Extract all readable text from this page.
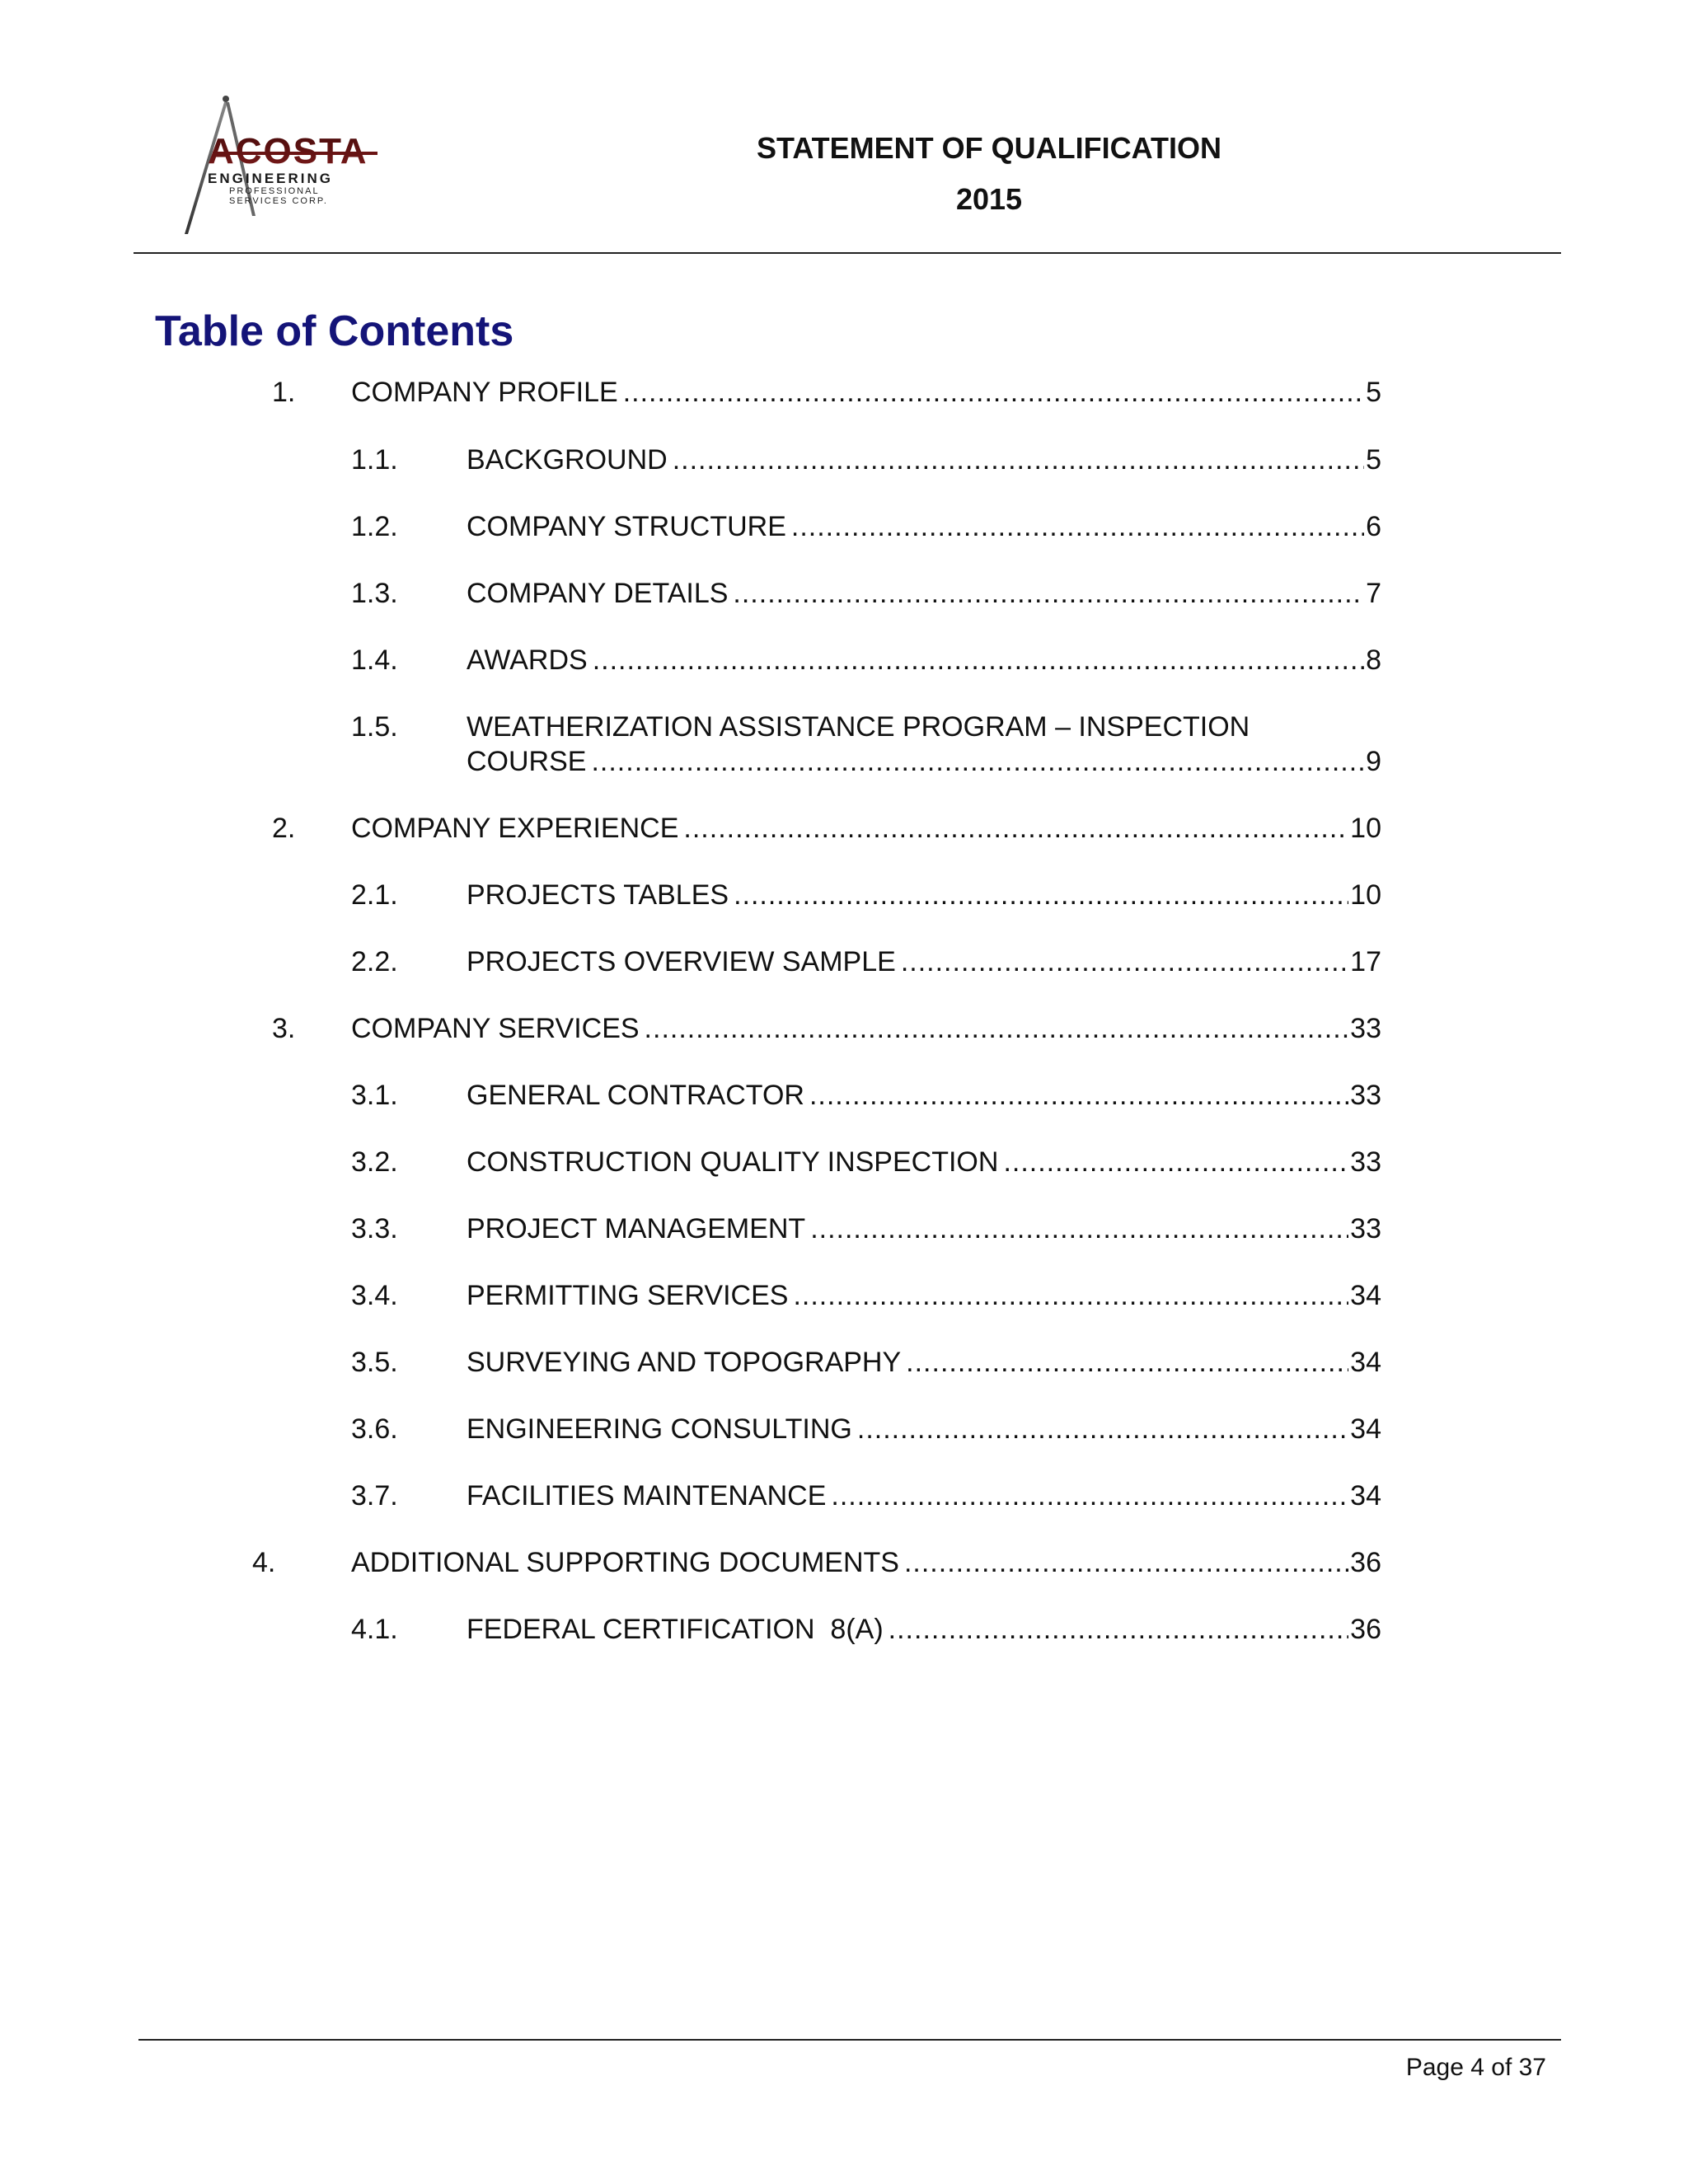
ACOSTA
ENGINEERING
PROFESSIONAL
SERVICES CORP.
STATEMENT OF QUALIFICATION
2015
Table of Contents
1. COMPANY PROFILE .....	5
1.1. BACKGROUND .....	5
1.2. COMPANY STRUCTURE .....	6
1.3. COMPANY DETAILS .....	7
1.4. AWARDS .....	8
1.5. WEATHERIZATION ASSISTANCE PROGRAM – INSPECTION
COURSE .....	9
2. COMPANY EXPERIENCE .....	10
2.1. PROJECTS TABLES .....	10
2.2. PROJECTS OVERVIEW SAMPLE .....	17
3. COMPANY SERVICES .....	33
3.1. GENERAL CONTRACTOR .....	33
3.2. CONSTRUCTION QUALITY INSPECTION .....	33
3.3. PROJECT MANAGEMENT .....	33
3.4. PERMITTING SERVICES .....	34
3.5. SURVEYING AND TOPOGRAPHY .....	34
3.6. ENGINEERING CONSULTING .....	34
3.7. FACILITIES MAINTENANCE .....	34
4.	ADDITIONAL SUPPORTING DOCUMENTS .....	36
4.1. FEDERAL CERTIFICATION  8(A) .....	36
Page 4 of 37
